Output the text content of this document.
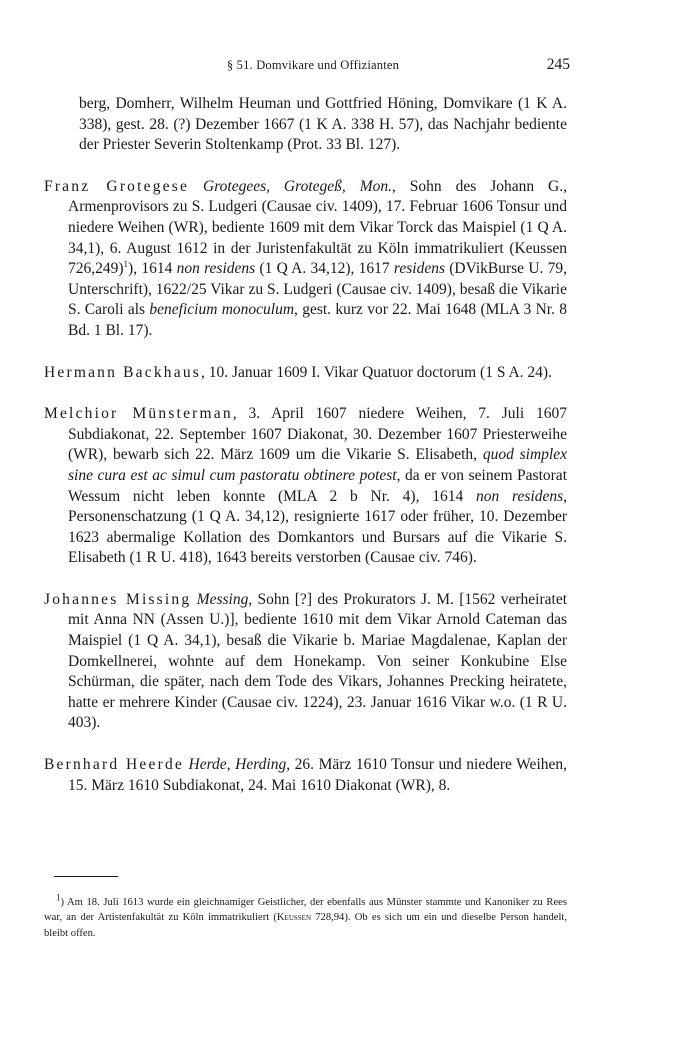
§ 51. Domvikare und Offizianten	245

berg, Domherr, Wilhelm Heuman und Gottfried Höning, Domvikare (1 K A. 338), gest. 28. (?) Dezember 1667 (1 K A. 338 H. 57), das Nachjahr bediente der Priester Severin Stoltenkamp (Prot. 33 Bl. 127).

Franz Grotegese Grotegees, Grotegeß, Mon., Sohn des Johann G., Armenprovisors zu S. Ludgeri (Causae civ. 1409), 17. Februar 1606 Tonsur und niedere Weihen (WR), bediente 1609 mit dem Vikar Torck das Maispiel (1 Q A. 34,1), 6. August 1612 in der Juristenfakultät zu Köln immatrikuliert (Keussen 726,249)$^1$), 1614 non residens (1 Q A. 34,12), 1617 residens (DVikBurse U. 79, Unterschrift), 1622/25 Vikar zu S. Ludgeri (Causae civ. 1409), besaß die Vikarie S. Caroli als beneficium monoculum, gest. kurz vor 22. Mai 1648 (MLA 3 Nr. 8 Bd. 1 Bl. 17).

Hermann Backhaus, 10. Januar 1609 I. Vikar Quatuor doctorum (1 S A. 24).

Melchior Münsterman, 3. April 1607 niedere Weihen, 7. Juli 1607 Subdiakonat, 22. September 1607 Diakonat, 30. Dezember 1607 Priesterweihe (WR), bewarb sich 22. März 1609 um die Vikarie S. Elisabeth, quod simplex sine cura est ac simul cum pastoratu obtinere potest, da er von seinem Pastorat Wessum nicht leben konnte (MLA 2 b Nr. 4), 1614 non residens, Personenschatzung (1 Q A. 34,12), resignierte 1617 oder früher, 10. Dezember 1623 abermalige Kollation des Domkantors und Bursars auf die Vikarie S. Elisabeth (1 R U. 418), 1643 bereits verstorben (Causae civ. 746).

Johannes Missing Messing, Sohn [?] des Prokurators J. M. [1562 verheiratet mit Anna NN (Assen U.)], bediente 1610 mit dem Vikar Arnold Cateman das Maispiel (1 Q A. 34,1), besaß die Vikarie b. Mariae Magdalenae, Kaplan der Domkellnerei, wohnte auf dem Honekamp. Von seiner Konkubine Else Schürman, die später, nach dem Tode des Vikars, Johannes Precking heiratete, hatte er mehrere Kinder (Causae civ. 1224), 23. Januar 1616 Vikar w.o. (1 R U. 403).

Bernhard Heerde Herde, Herding, 26. März 1610 Tonsur und niedere Weihen, 15. März 1610 Subdiakonat, 24. Mai 1610 Diakonat (WR), 8.

$^1$) Am 18. Juli 1613 wurde ein gleichnamiger Geistlicher, der ebenfalls aus Münster stammte und Kanoniker zu Rees war, an der Artistenfakultät zu Köln immatrikuliert (Keussen 728,94). Ob es sich um ein und dieselbe Person handelt, bleibt offen.
